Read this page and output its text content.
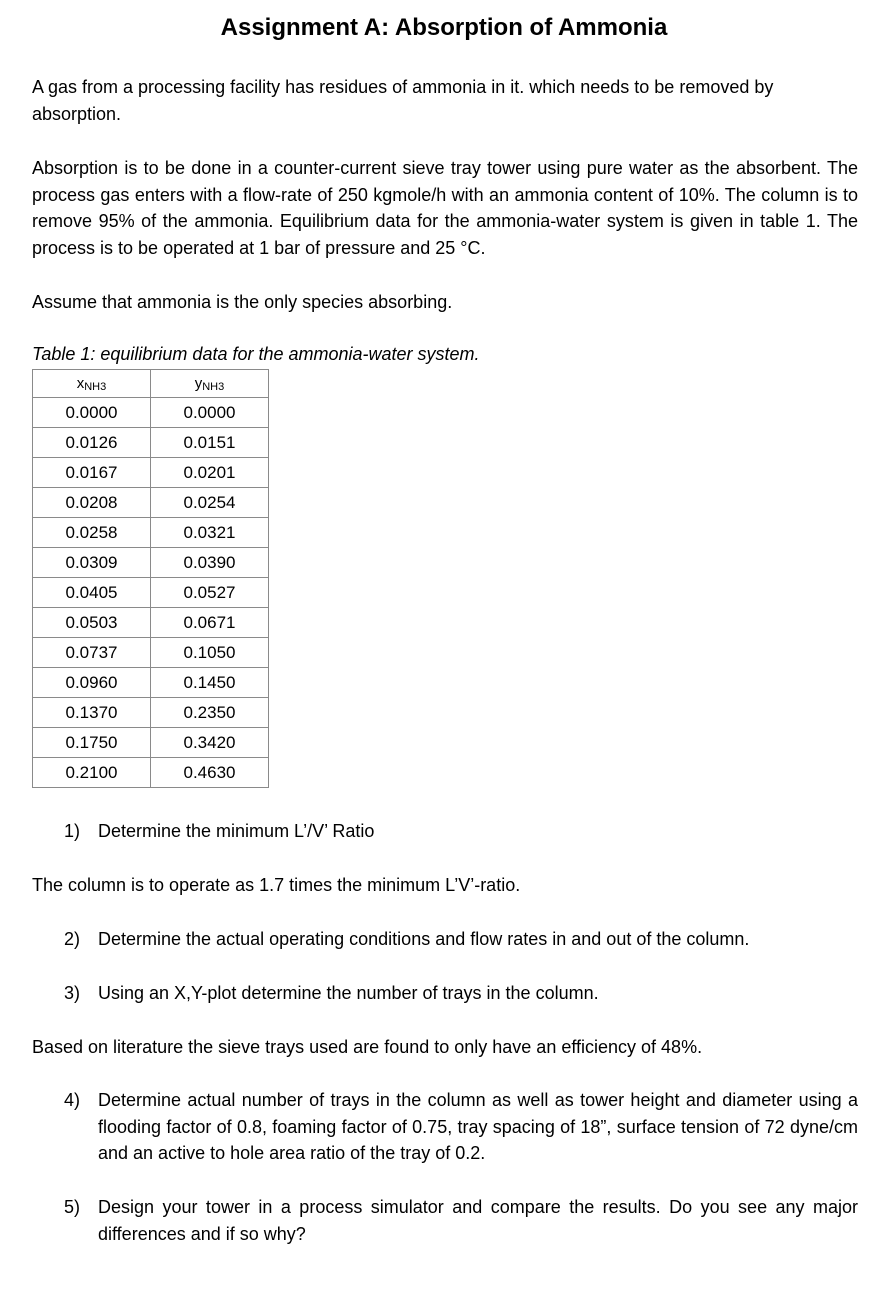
Assignment A: Absorption of Ammonia
A gas from a processing facility has residues of ammonia in it. which needs to be removed by absorption.
Absorption is to be done in a counter-current sieve tray tower using pure water as the absorbent. The process gas enters with a flow-rate of 250 kgmole/h with an ammonia content of 10%. The column is to remove 95% of the ammonia. Equilibrium data for the ammonia-water system is given in table 1. The process is to be operated at 1 bar of pressure and 25 °C.
Assume that ammonia is the only species absorbing.
Table 1: equilibrium data for the ammonia-water system.
$x_{NH3}$	$y_{NH3}$
0.0000	0.0000
0.0126	0.0151
0.0167	0.0201
0.0208	0.0254
0.0258	0.0321
0.0309	0.0390
0.0405	0.0527
0.0503	0.0671
0.0737	0.1050
0.0960	0.1450
0.1370	0.2350
0.1750	0.3420
0.2100	0.4630
1) Determine the minimum L’/V’ Ratio
The column is to operate as 1.7 times the minimum L’V’-ratio.
2) Determine the actual operating conditions and flow rates in and out of the column.
3) Using an X,Y-plot determine the number of trays in the column.
Based on literature the sieve trays used are found to only have an efficiency of 48%.
4) Determine actual number of trays in the column as well as tower height and diameter using a flooding factor of 0.8, foaming factor of 0.75, tray spacing of 18”, surface tension of 72 dyne/cm and an active to hole area ratio of the tray of 0.2.
5) Design your tower in a process simulator and compare the results. Do you see any major differences and if so why?
